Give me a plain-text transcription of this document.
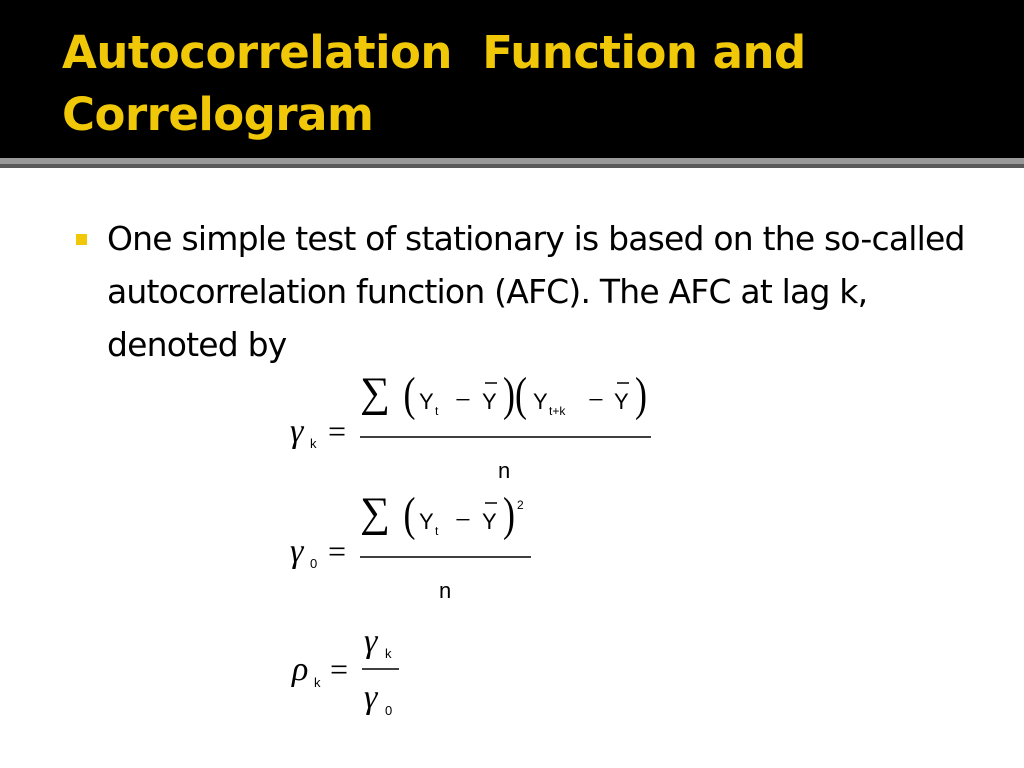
Autocorrelation  Function and
Correlogram

One simple test of stationary is based on the so-called autocorrelation function (AFC). The AFC at lag k, denoted by

γ k =
∑ ( Y t − Y ) ( Y t+k − Y )
n
γ 0 =
∑ ( Y t − Y ) 2
n
ρ k =
γ k
γ 0
